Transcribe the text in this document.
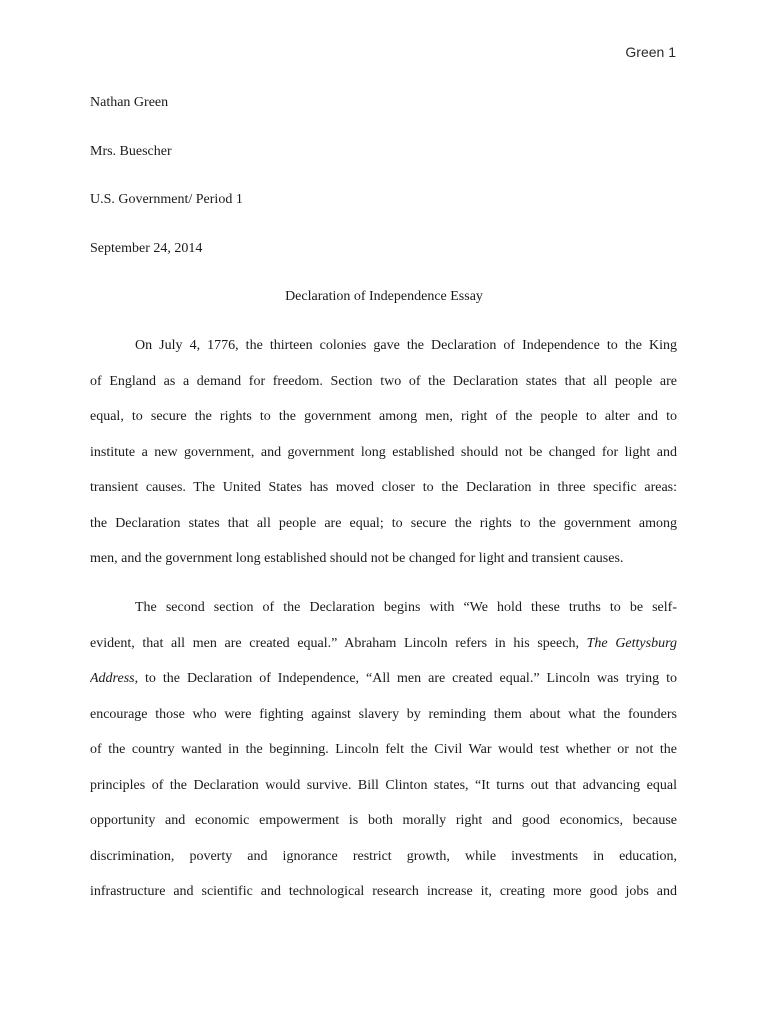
Green 1
Nathan Green
Mrs. Buescher
U.S. Government/ Period 1
September 24, 2014
Declaration of Independence Essay
On July 4, 1776, the thirteen colonies gave the Declaration of Independence to the King
of England as a demand for freedom. Section two of the Declaration states that all people are
equal, to secure the rights to the government among men, right of the people to alter and to
institute a new government, and government long established should not be changed for light and
transient causes. The United States has moved closer to the Declaration in three specific areas:
the Declaration states that all people are equal; to secure the rights to the government among
men, and the government long established should not be changed for light and transient causes.
The second section of the Declaration begins with “We hold these truths to be self-
evident, that all men are created equal.” Abraham Lincoln refers in his speech, The Gettysburg
Address, to the Declaration of Independence, “All men are created equal.” Lincoln was trying to
encourage those who were fighting against slavery by reminding them about what the founders
of the country wanted in the beginning. Lincoln felt the Civil War would test whether or not the
principles of the Declaration would survive. Bill Clinton states, “It turns out that advancing equal
opportunity and economic empowerment is both morally right and good economics, because
discrimination, poverty and ignorance restrict growth, while investments in education,
infrastructure and scientific and technological research increase it, creating more good jobs and
